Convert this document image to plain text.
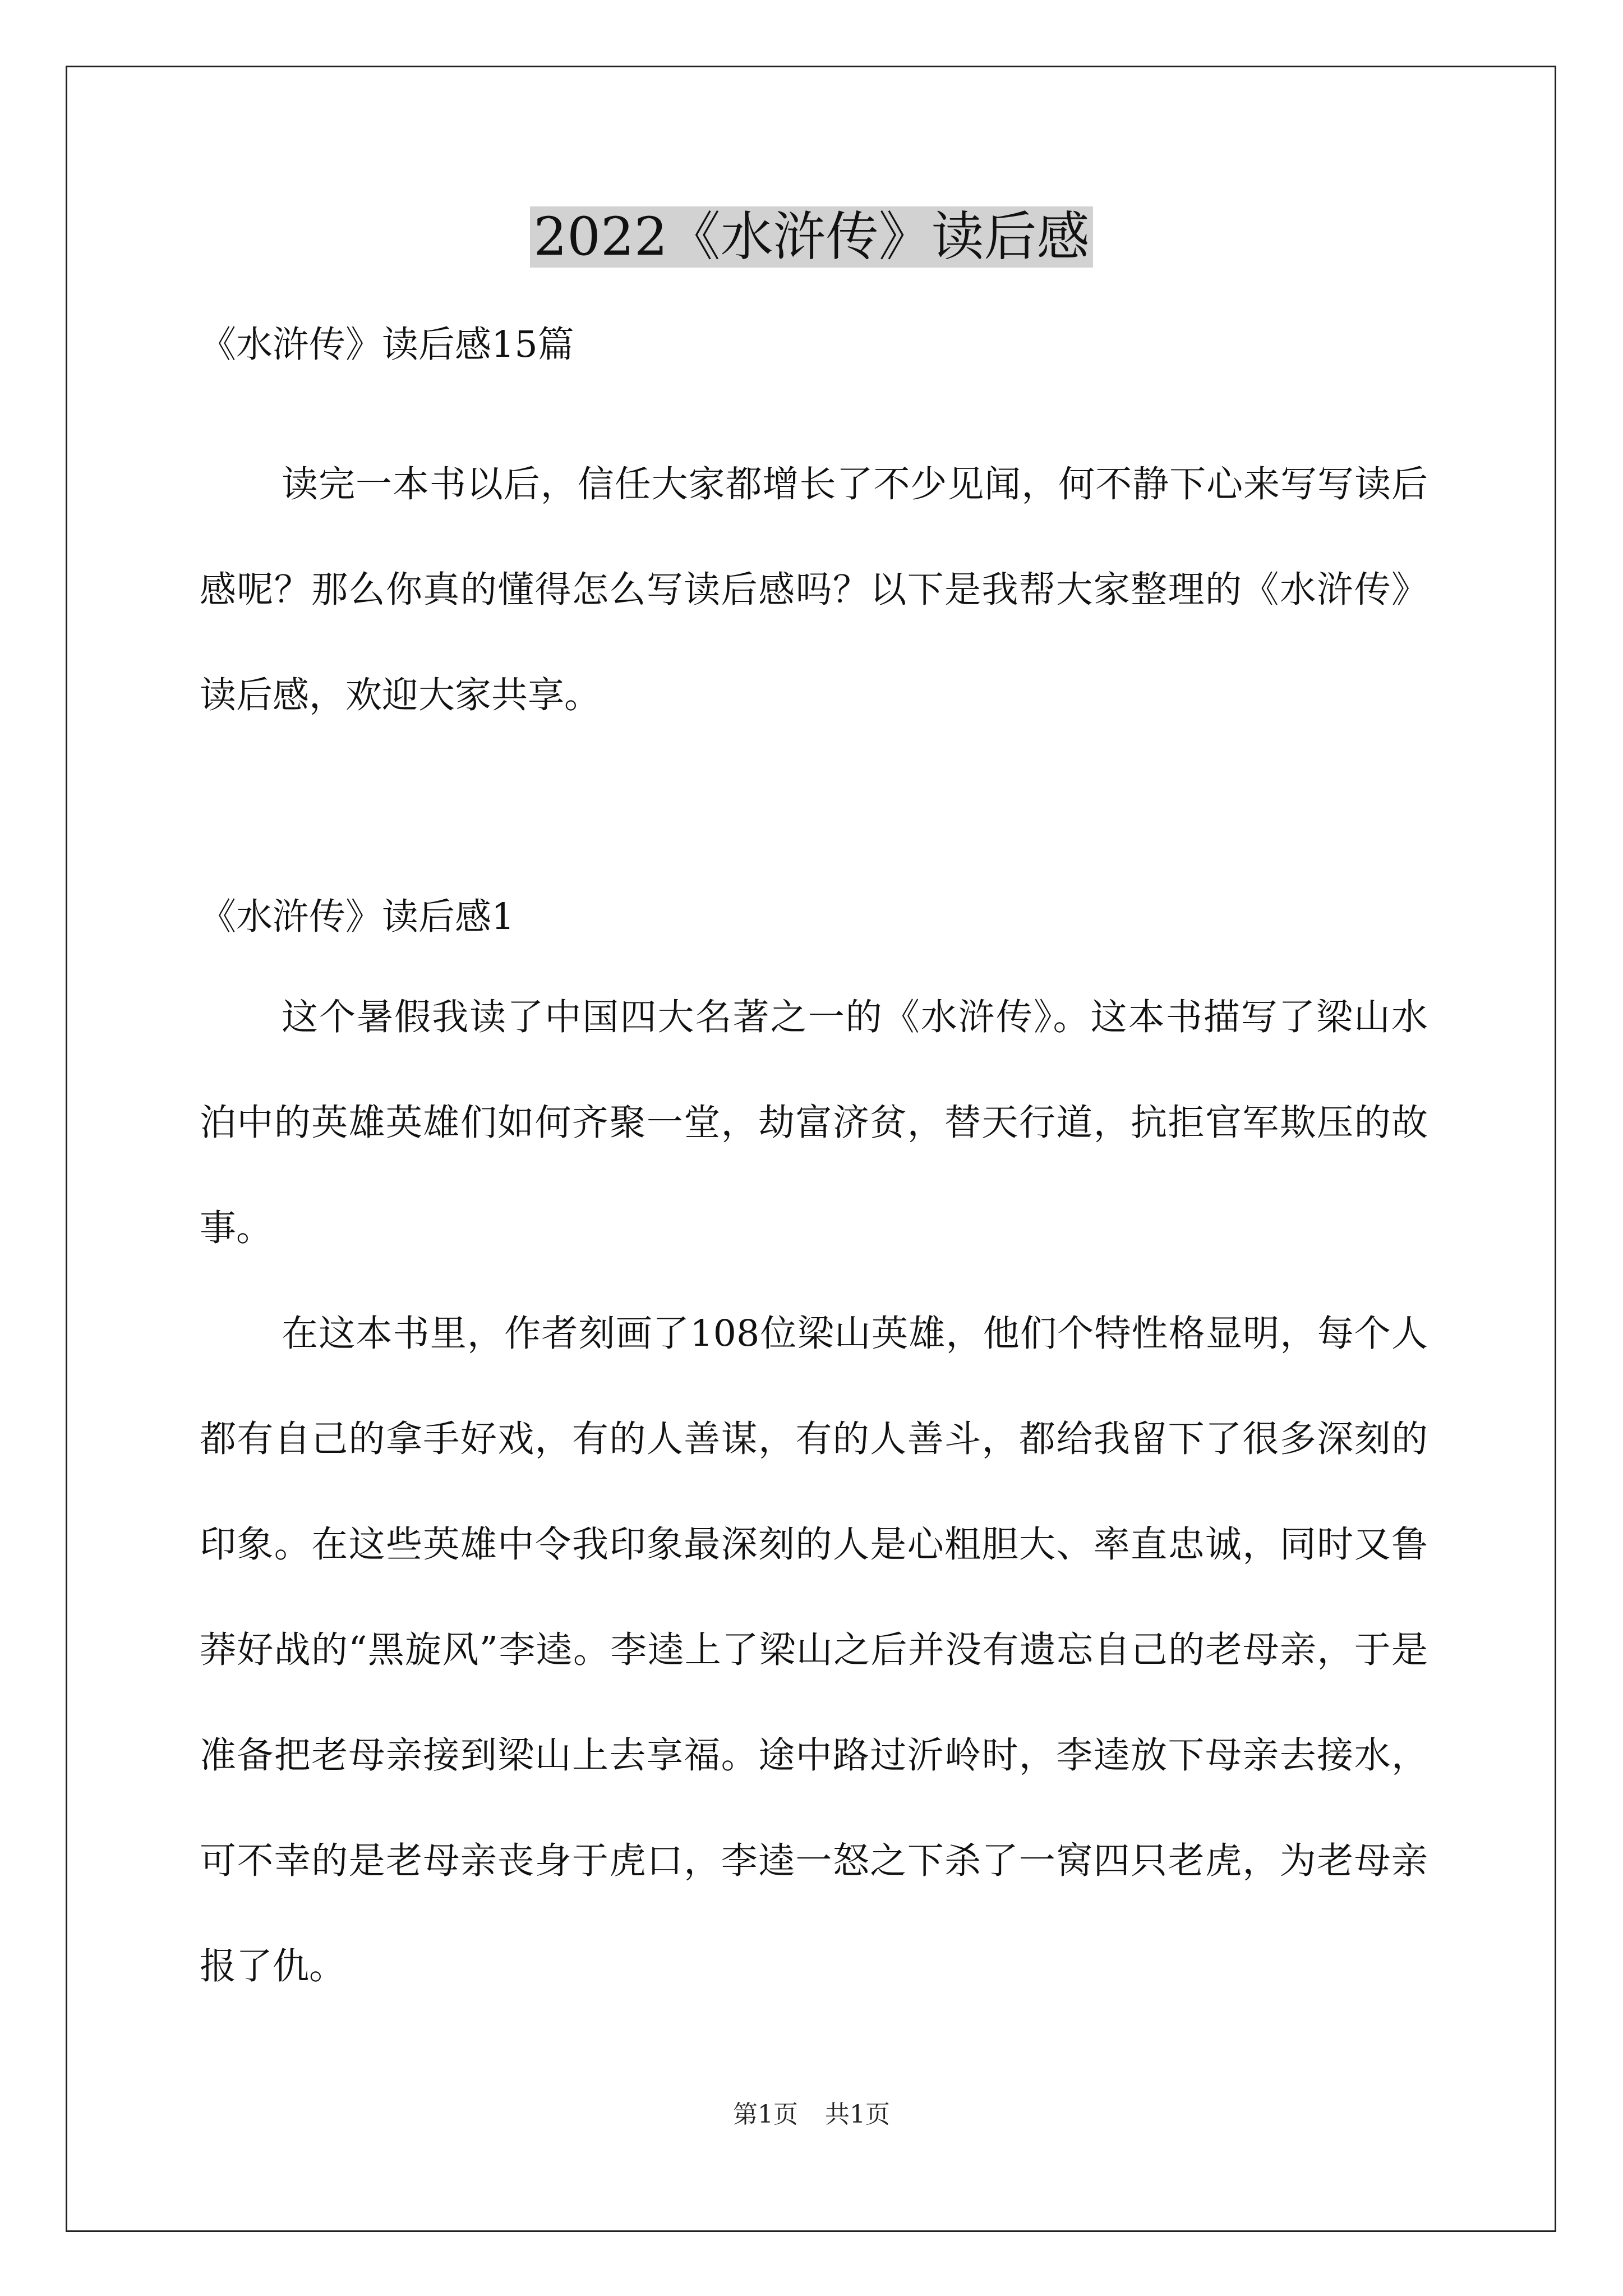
2022《水浒传》读后感

《水浒传》读后感15篇

读完一本书以后，信任大家都增长了不少见闻，何不静下心来写写读后感呢？那么你真的懂得怎么写读后感吗？以下是我帮大家整理的《水浒传》读后感，欢迎大家共享。

《水浒传》读后感1

这个暑假我读了中国四大名著之一的《水浒传》。这本书描写了梁山水泊中的英雄英雄们如何齐聚一堂，劫富济贫，替天行道，抗拒官军欺压的故事。

在这本书里，作者刻画了108位梁山英雄，他们个特性格显明，每个人都有自己的拿手好戏，有的人善谋，有的人善斗，都给我留下了很多深刻的印象。在这些英雄中令我印象最深刻的人是心粗胆大、率直忠诚，同时又鲁莽好战的“黑旋风”李逵。李逵上了梁山之后并没有遗忘自己的老母亲，于是准备把老母亲接到梁山上去享福。途中路过沂岭时，李逵放下母亲去接水，可不幸的是老母亲丧身于虎口，李逵一怒之下杀了一窝四只老虎，为老母亲报了仇。

第1页 共1页
